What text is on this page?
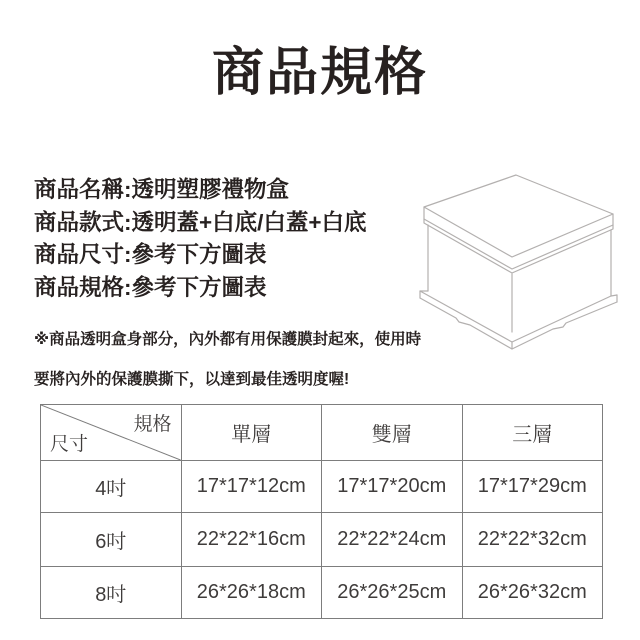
商品規格
商品名稱:透明塑膠禮物盒
商品款式:透明蓋+白底/白蓋+白底
商品尺寸:參考下方圖表
商品規格:參考下方圖表
※商品透明盒身部分，內外都有用保護膜封起來，使用時
要將內外的保護膜撕下，以達到最佳透明度喔!
規格
尺寸	單層	雙層	三層
4吋	17*17*12cm	17*17*20cm	17*17*29cm
6吋	22*22*16cm	22*22*24cm	22*22*32cm
8吋	26*26*18cm	26*26*25cm	26*26*32cm
